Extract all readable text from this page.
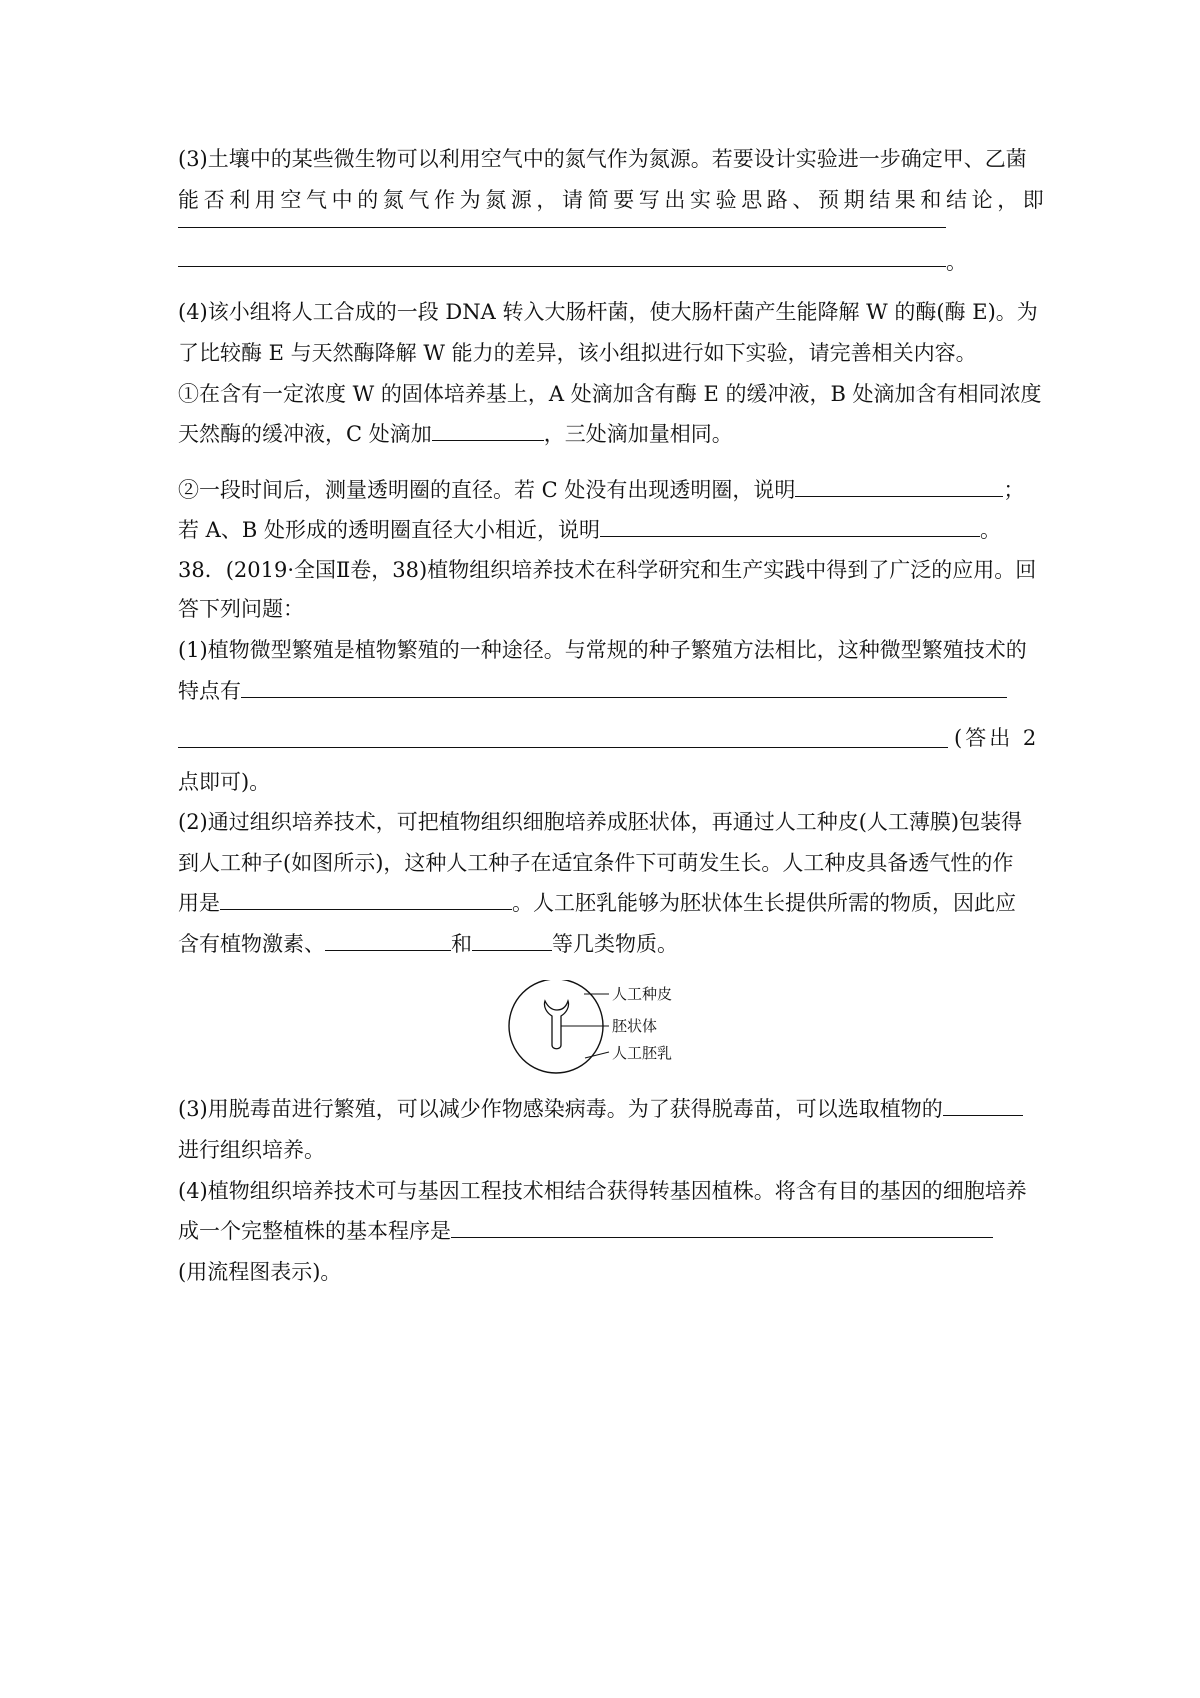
(3)土壤中的某些微生物可以利用空气中的氮气作为氮源。若要设计实验进一步确定甲、乙菌
能否利用空气中的氮气作为氮源，请简要写出实验思路、预期结果和结论，即
。
(4)该小组将人工合成的一段 DNA 转入大肠杆菌，使大肠杆菌产生能降解 W 的酶(酶 E)。为
了比较酶 E 与天然酶降解 W 能力的差异，该小组拟进行如下实验，请完善相关内容。
①在含有一定浓度 W 的固体培养基上，A 处滴加含有酶 E 的缓冲液，B 处滴加含有相同浓度
天然酶的缓冲液，C 处滴加	，三处滴加量相同。
②一段时间后，测量透明圈的直径。若 C 处没有出现透明圈，说明	；
若 A、B 处形成的透明圈直径大小相近，说明	。
38．(2019·全国Ⅱ卷，38)植物组织培养技术在科学研究和生产实践中得到了广泛的应用。回
答下列问题：
(1)植物微型繁殖是植物繁殖的一种途径。与常规的种子繁殖方法相比，这种微型繁殖技术的
特点有
(答出 2
点即可)。
(2)通过组织培养技术，可把植物组织细胞培养成胚状体，再通过人工种皮(人工薄膜)包装得
到人工种子(如图所示)，这种人工种子在适宜条件下可萌发生长。人工种皮具备透气性的作
用是	。人工胚乳能够为胚状体生长提供所需的物质，因此应
含有植物激素、	和	等几类物质。
人工种皮
胚状体
人工胚乳
(3)用脱毒苗进行繁殖，可以减少作物感染病毒。为了获得脱毒苗，可以选取植物的
进行组织培养。
(4)植物组织培养技术可与基因工程技术相结合获得转基因植株。将含有目的基因的细胞培养
成一个完整植株的基本程序是
(用流程图表示)。
